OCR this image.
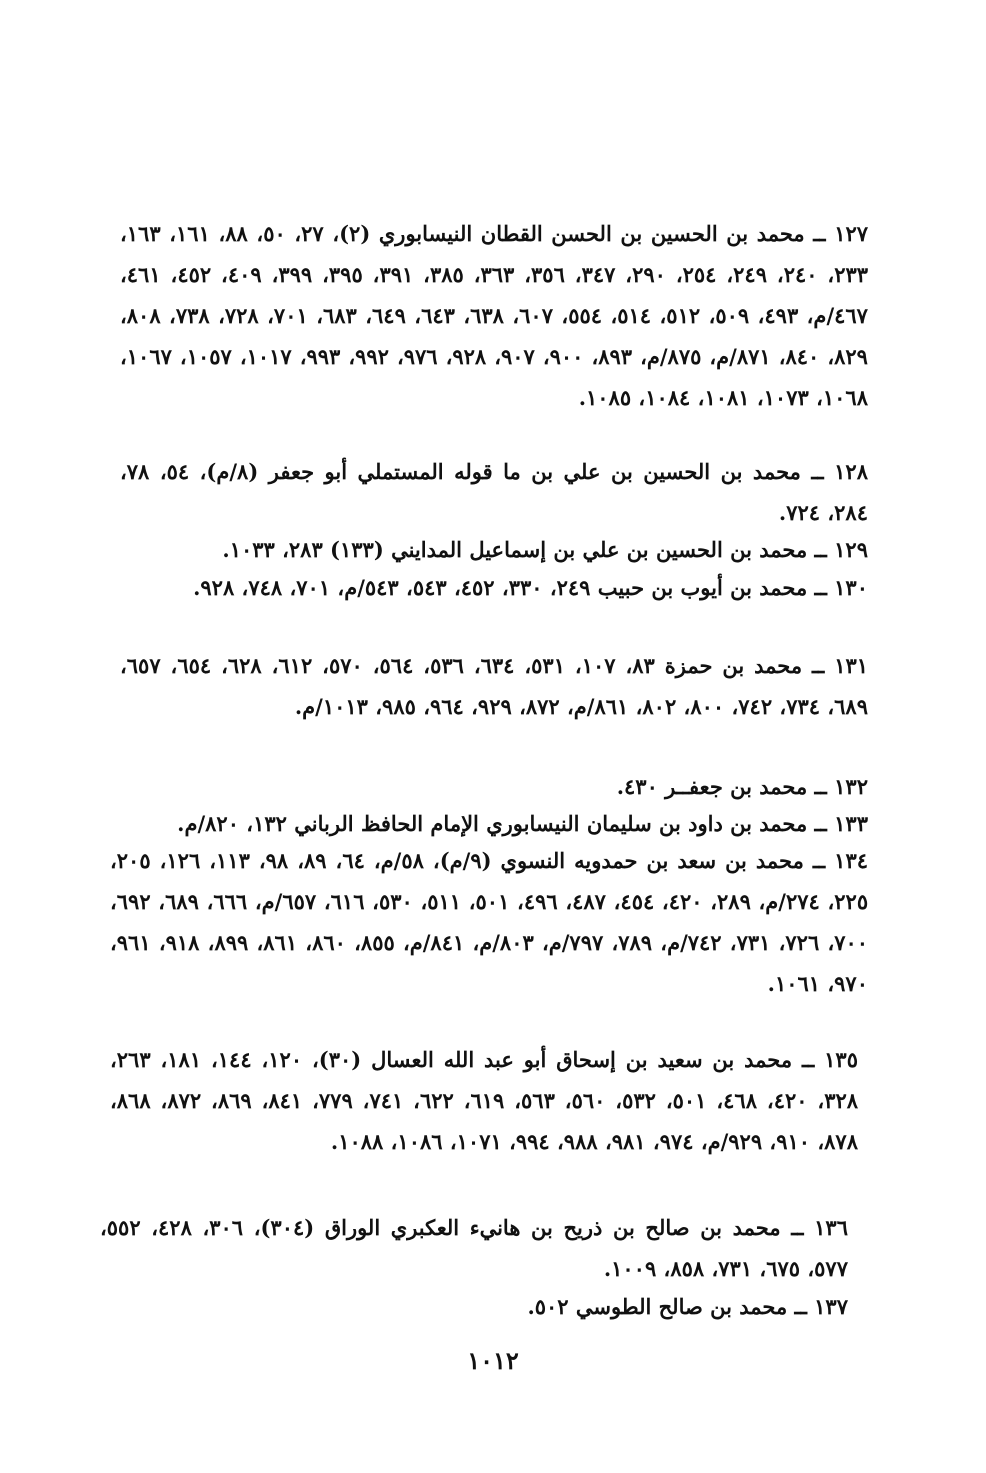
١٢٧ ــ محمد بن الحسين بن الحسن القطان النيسابوري (٢)، ٢٧، ٥٠، ٨٨، ١٦١، ١٦٣، ٢٣٣، ٢٤٠، ٢٤٩، ٢٥٤، ٢٩٠، ٣٤٧، ٣٥٦، ٣٦٣، ٣٨٥، ٣٩١، ٣٩٥، ٣٩٩، ٤٠٩، ٤٥٢، ٤٦١، ٤٦٧/م، ٤٩٣، ٥٠٩، ٥١٢، ٥١٤، ٥٥٤، ٦٠٧، ٦٣٨، ٦٤٣، ٦٤٩، ٦٨٣، ٧٠١، ٧٢٨، ٧٣٨، ٨٠٨، ٨٢٩، ٨٤٠، ٨٧١/م، ٨٧٥/م، ٨٩٣، ٩٠٠، ٩٠٧، ٩٢٨، ٩٧٦، ٩٩٢، ٩٩٣، ١٠١٧، ١٠٥٧، ١٠٦٧، ١٠٦٨، ١٠٧٣، ١٠٨١، ١٠٨٤، ١٠٨٥.

١٢٨ ــ محمد بن الحسين بن علي بن ما قوله المستملي أبو جعفر (٨/م)، ٥٤، ٧٨، ٢٨٤، ٧٢٤.

١٢٩ ــ محمد بن الحسين بن علي بن إسماعيل المدايني (١٣٣) ٢٨٣، ١٠٣٣.

١٣٠ ــ محمد بن أيوب بن حبيب ٢٤٩، ٣٣٠، ٤٥٢، ٥٤٣، ٥٤٣/م، ٧٠١، ٧٤٨، ٩٢٨.

١٣١ ــ محمد بن حمزة ٨٣، ١٠٧، ٥٣١، ٦٣٤، ٥٣٦، ٥٦٤، ٥٧٠، ٦١٢، ٦٢٨، ٦٥٤، ٦٥٧، ٦٨٩، ٧٣٤، ٧٤٢، ٨٠٠، ٨٠٢، ٨٦١/م، ٨٧٢، ٩٢٩، ٩٦٤، ٩٨٥، ١٠١٣/م.

١٣٢ ــ محمد بن جعفــر ٤٣٠.

١٣٣ ــ محمد بن داود بن سليمان النيسابوري الإمام الحافظ الرباني ١٣٢، ٨٢٠/م.

١٣٤ ــ محمد بن سعد بن حمدويه النسوي (٩/م)، ٥٨/م، ٦٤، ٨٩، ٩٨، ١١٣، ١٢٦، ٢٠٥، ٢٢٥، ٢٧٤/م، ٢٨٩، ٤٢٠، ٤٥٤، ٤٨٧، ٤٩٦، ٥٠١، ٥١١، ٥٣٠، ٦١٦، ٦٥٧/م، ٦٦٦، ٦٨٩، ٦٩٢، ٧٠٠، ٧٢٦، ٧٣١، ٧٤٢/م، ٧٨٩، ٧٩٧/م، ٨٠٣/م، ٨٤١/م، ٨٥٥، ٨٦٠، ٨٦١، ٨٩٩، ٩١٨، ٩٦١، ٩٧٠، ١٠٦١.

١٣٥ ــ محمد بن سعيد بن إسحاق أبو عبد الله العسال (٣٠)، ١٢٠، ١٤٤، ١٨١، ٢٦٣، ٣٢٨، ٤٢٠، ٤٦٨، ٥٠١، ٥٣٢، ٥٦٠، ٥٦٣، ٦١٩، ٦٢٢، ٧٤١، ٧٧٩، ٨٤١، ٨٦٩، ٨٧٢، ٨٦٨، ٨٧٨، ٩١٠، ٩٢٩/م، ٩٧٤، ٩٨١، ٩٨٨، ٩٩٤، ١٠٧١، ١٠٨٦، ١٠٨٨.

١٣٦ ــ محمد بن صالح بن ذريح بن هانيء العكبري الوراق (٣٠٤)، ٣٠٦، ٤٢٨، ٥٥٢، ٥٧٧، ٦٧٥، ٧٣١، ٨٥٨، ١٠٠٩.

١٣٧ ــ محمد بن صالح الطوسي ٥٠٢.

١٠١٢
